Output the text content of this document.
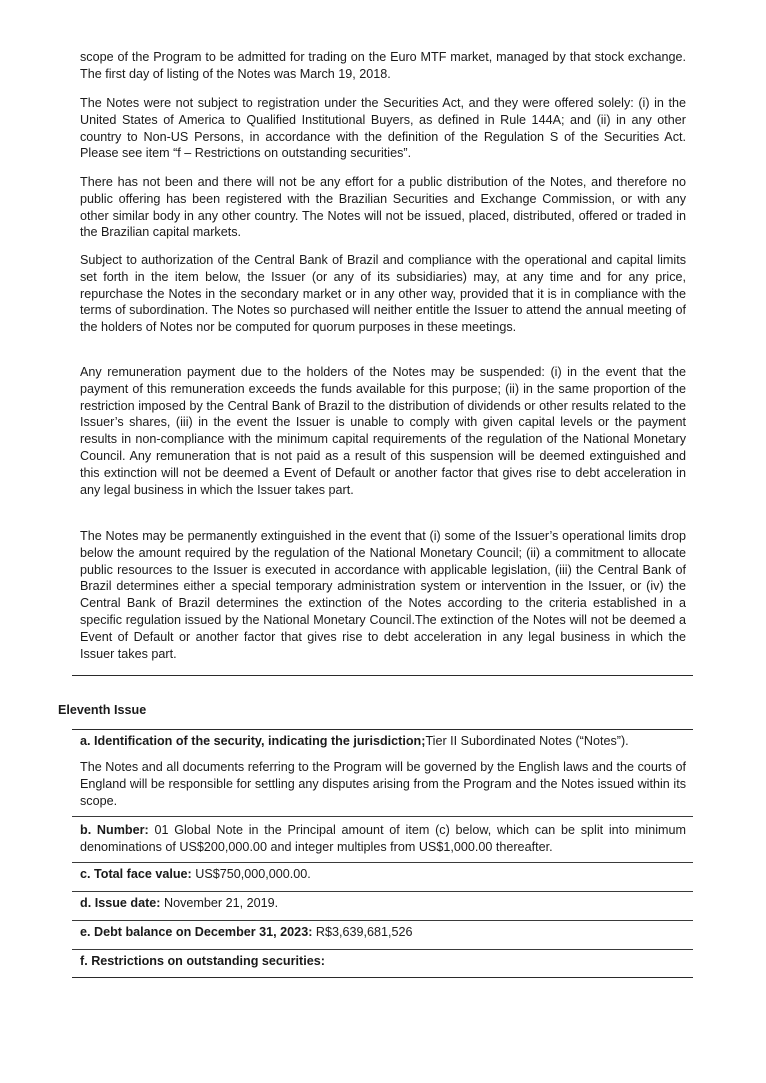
scope of the Program to be admitted for trading on the Euro MTF market, managed by that stock exchange. The first day of listing of the Notes was March 19, 2018.
The Notes were not subject to registration under the Securities Act, and they were offered solely: (i) in the United States of America to Qualified Institutional Buyers, as defined in Rule 144A; and (ii) in any other country to Non-US Persons, in accordance with the definition of the Regulation S of the Securities Act. Please see item “f – Restrictions on outstanding securities”.
There has not been and there will not be any effort for a public distribution of the Notes, and therefore no public offering has been registered with the Brazilian Securities and Exchange Commission, or with any other similar body in any other country. The Notes will not be issued, placed, distributed, offered or traded in the Brazilian capital markets.
Subject to authorization of the Central Bank of Brazil and compliance with the operational and capital limits set forth in the item below, the Issuer (or any of its subsidiaries) may, at any time and for any price, repurchase the Notes in the secondary market or in any other way, provided that it is in compliance with the terms of subordination. The Notes so purchased will neither entitle the Issuer to attend the annual meeting of the holders of Notes nor be computed for quorum purposes in these meetings.
Any remuneration payment due to the holders of the Notes may be suspended: (i) in the event that the payment of this remuneration exceeds the funds available for this purpose; (ii) in the same proportion of the restriction imposed by the Central Bank of Brazil to the distribution of dividends or other results related to the Issuer’s shares, (iii) in the event the Issuer is unable to comply with given capital levels or the payment results in non-compliance with the minimum capital requirements of the regulation of the National Monetary Council. Any remuneration that is not paid as a result of this suspension will be deemed extinguished and this extinction will not be deemed a Event of Default or another factor that gives rise to debt acceleration in any legal business in which the Issuer takes part.
The Notes may be permanently extinguished in the event that (i) some of the Issuer’s operational limits drop below the amount required by the regulation of the National Monetary Council; (ii) a commitment to allocate public resources to the Issuer is executed in accordance with applicable legislation, (iii) the Central Bank of Brazil determines either a special temporary administration system or intervention in the Issuer, or (iv) the Central Bank of Brazil determines the extinction of the Notes according to the criteria established in a specific regulation issued by the National Monetary Council.The extinction of the Notes will not be deemed a Event of Default or another factor that gives rise to debt acceleration in any legal business in which the Issuer takes part.
Eleventh Issue
a. Identification of the security, indicating the jurisdiction;Tier II Subordinated Notes (“Notes”).
The Notes and all documents referring to the Program will be governed by the English laws and the courts of England will be responsible for settling any disputes arising from the Program and the Notes issued within its scope.
b. Number: 01 Global Note in the Principal amount of item (c) below, which can be split into minimum denominations of US$200,000.00 and integer multiples from US$1,000.00 thereafter.
c. Total face value: US$750,000,000.00.
d. Issue date: November 21, 2019.
e. Debt balance on December 31, 2023: R$3,639,681,526
f. Restrictions on outstanding securities:
